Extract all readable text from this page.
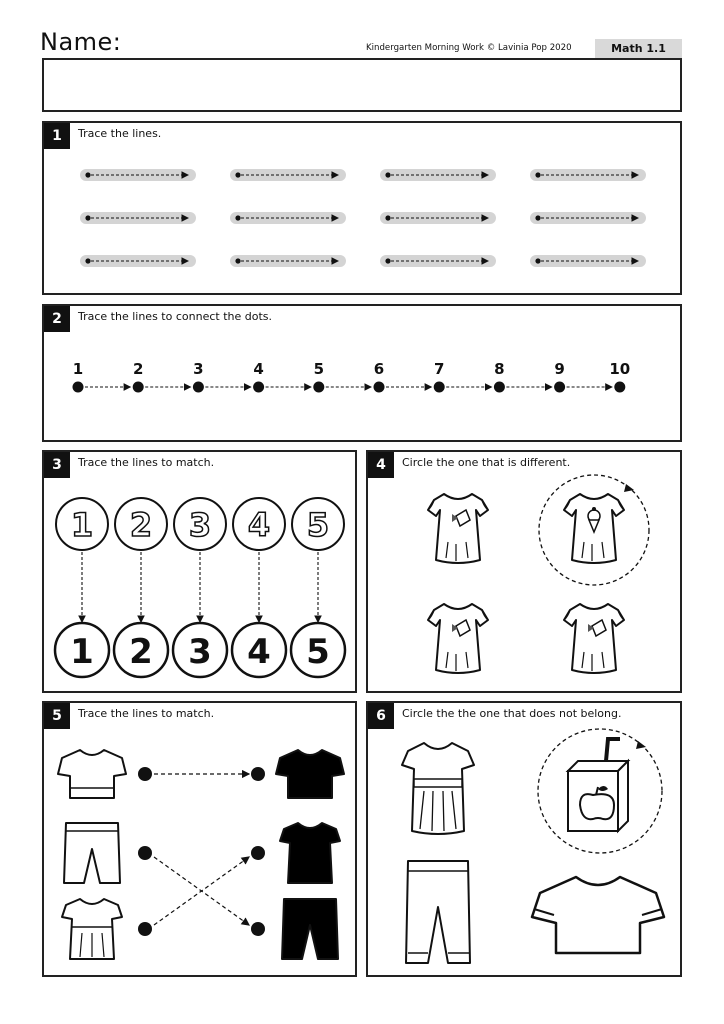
Name:	Kindergarten Morning Work © Lavinia Pop 2020	Math 1.1
1	Trace the lines.
2	Trace the lines to connect the dots.
1	2	3	4	5	6	7	8	9	10
3	Trace the lines to match.
1 2 3 4 5
1 2 3 4 5
4	Circle the one that is different.
5	Trace the lines to match.	6	Circle the the one that does not belong.
